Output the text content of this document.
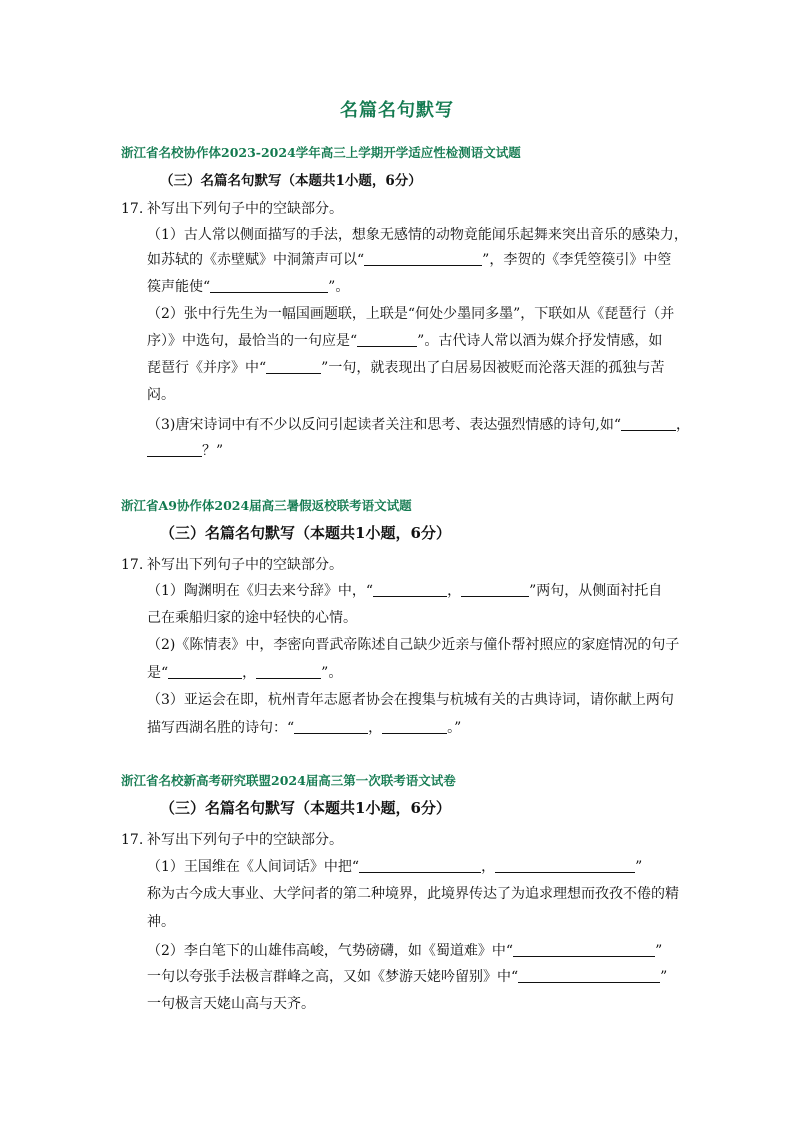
名篇名句默写
浙江省名校协作体2023-2024学年高三上学期开学适应性检测语文试题
（三）名篇名句默写（本题共1小题，6分）
17. 补写出下列句子中的空缺部分。
（1）古人常以侧面描写的手法，想象无感情的动物竟能闻乐起舞来突出音乐的感染力，
如苏轼的《赤壁赋》中洞箫声可以“	”，李贺的《李凭箜篌引》中箜
篌声能使“	”。
（2）张中行先生为一幅国画题联，上联是“何处少墨同多墨”，下联如从《琵琶行（并
序）》中选句，最恰当的一句应是“	”。古代诗人常以酒为媒介抒发情感，如
琵琶行《并序》中“	”一句，就表现出了白居易因被贬而沦落天涯的孤独与苦
闷。
（3)唐宋诗词中有不少以反问引起读者关注和思考、表达强烈情感的诗句,如“	，
？”
浙江省A9协作体2024届高三暑假返校联考语文试题
（三）名篇名句默写（本题共1小题，6分）
17. 补写出下列句子中的空缺部分。
（1）陶渊明在《归去来兮辞》中，“	，	”两句，从侧面衬托自
己在乘船归家的途中轻快的心情。
（2)《陈情表》中，李密向晋武帝陈述自己缺少近亲与僮仆帮衬照应的家庭情况的句子
是“	，	”。
（3）亚运会在即，杭州青年志愿者协会在搜集与杭城有关的古典诗词，请你献上两句
描写西湖名胜的诗句：“	，	。”
浙江省名校新高考研究联盟2024届高三第一次联考语文试卷
（三）名篇名句默写（本题共1小题，6分）
17. 补写出下列句子中的空缺部分。
（1）王国维在《人间词话》中把“	，	”
称为古今成大事业、大学问者的第二种境界，此境界传达了为追求理想而孜孜不倦的精
神。
（2）李白笔下的山雄伟高峻，气势磅礴，如《蜀道难》中“	”
一句以夸张手法极言群峰之高，又如《梦游天姥吟留别》中“	”
一句极言天姥山高与天齐。
